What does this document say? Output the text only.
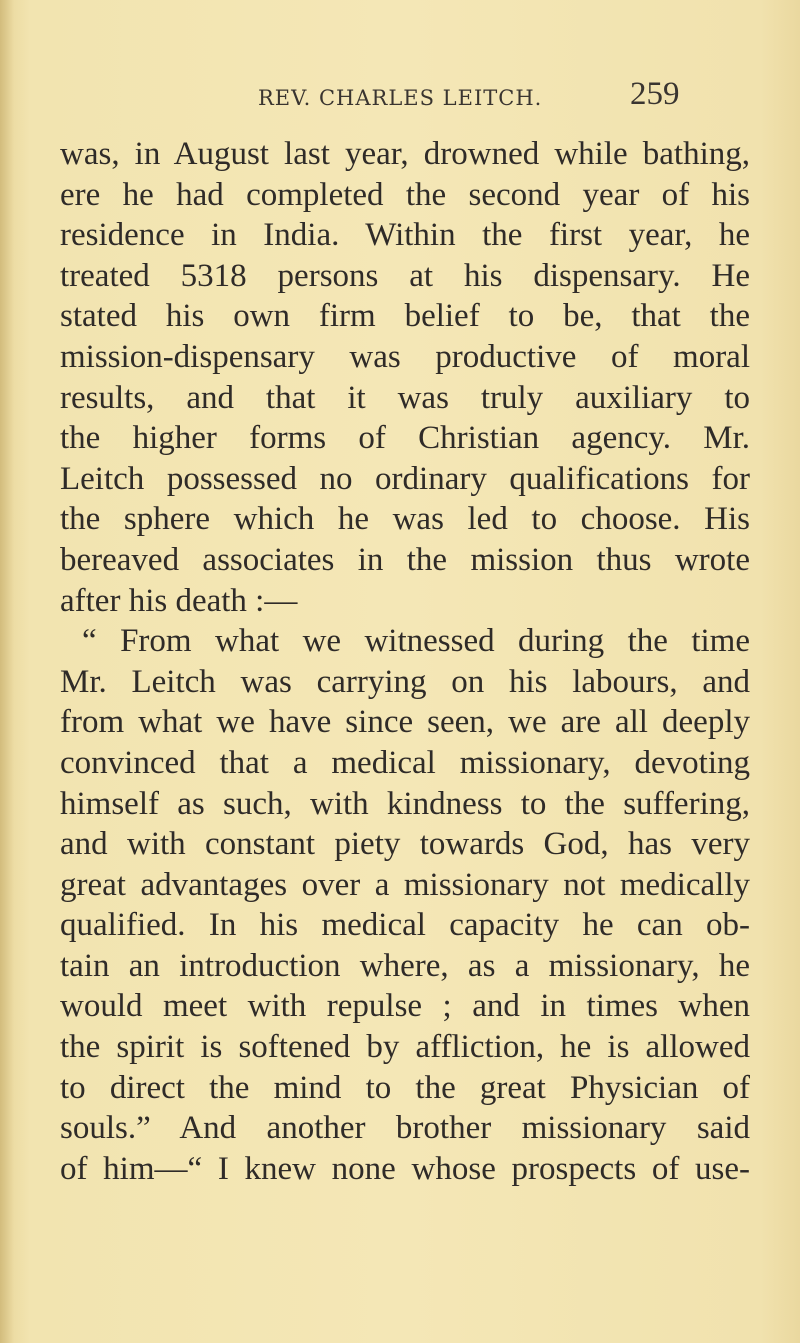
REV. CHARLES LEITCH.	259
was, in August last year, drowned while bathing,
ere he had completed the second year of his
residence in India. Within the first year, he
treated 5318 persons at his dispensary. He
stated his own firm belief to be, that the
mission-dispensary was productive of moral
results, and that it was truly auxiliary to
the higher forms of Christian agency. Mr.
Leitch possessed no ordinary qualifications for
the sphere which he was led to choose. His
bereaved associates in the mission thus wrote
after his death :—
“ From what we witnessed during the time
Mr. Leitch was carrying on his labours, and
from what we have since seen, we are all deeply
convinced that a medical missionary, devoting
himself as such, with kindness to the suffering,
and with constant piety towards God, has very
great advantages over a missionary not medically
qualified. In his medical capacity he can ob-
tain an introduction where, as a missionary, he
would meet with repulse ; and in times when
the spirit is softened by affliction, he is allowed
to direct the mind to the great Physician of
souls.” And another brother missionary said
of him—“ I knew none whose prospects of use-
